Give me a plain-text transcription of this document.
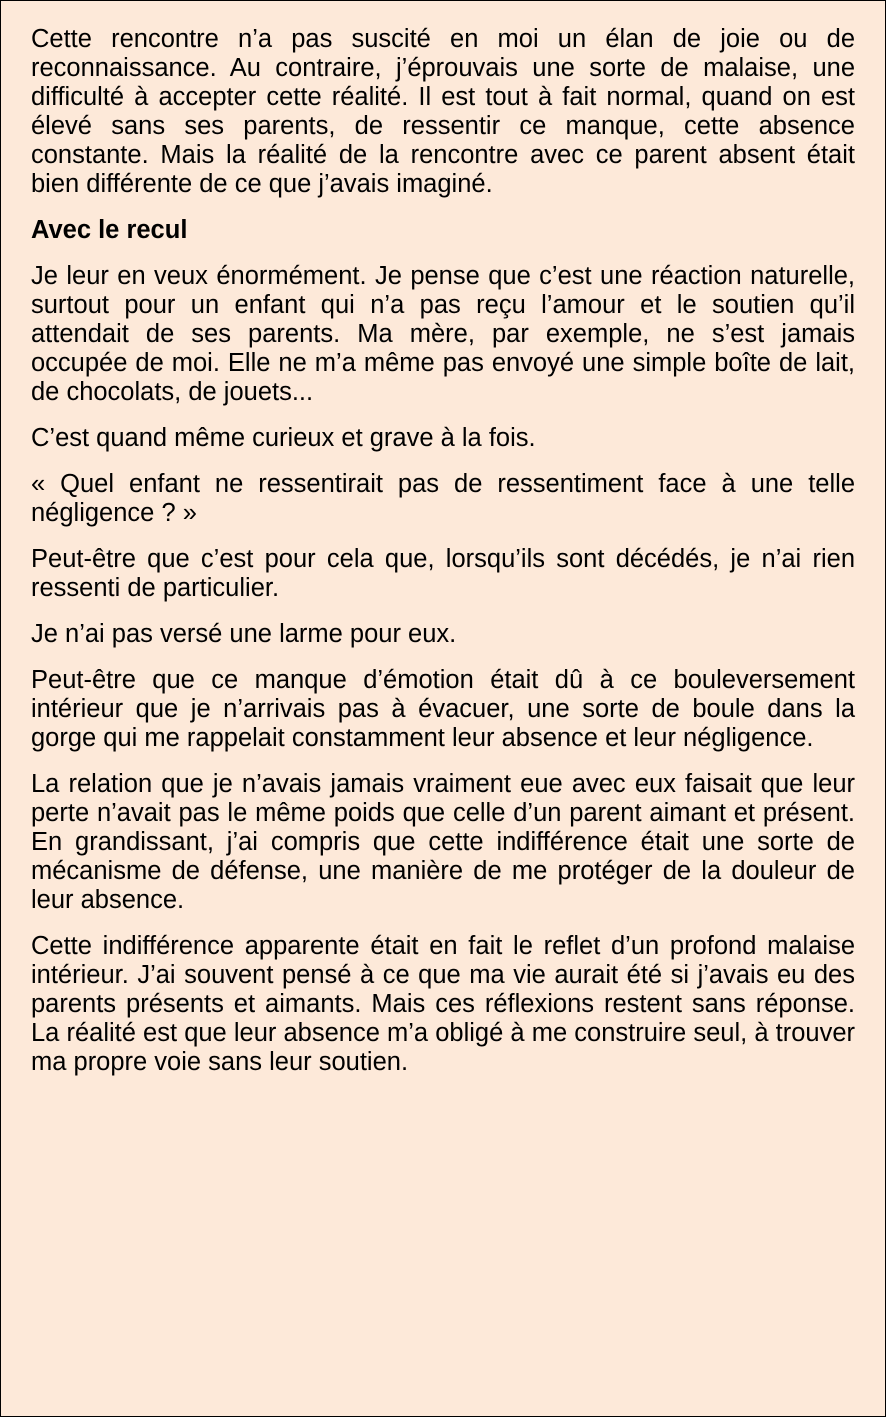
Cette rencontre n’a pas suscité en moi un élan de joie ou de reconnaissance. Au contraire, j’éprouvais une sorte de malaise, une difficulté à accepter cette réalité. Il est tout à fait normal, quand on est élevé sans ses parents, de ressentir ce manque, cette absence constante. Mais la réalité de la rencontre avec ce parent absent était bien différente de ce que j’avais imaginé.

Avec le recul

Je leur en veux énormément. Je pense que c’est une réaction naturelle, surtout pour un enfant qui n’a pas reçu l’amour et le soutien qu’il attendait de ses parents. Ma mère, par exemple, ne s’est jamais occupée de moi. Elle ne m’a même pas envoyé une simple boîte de lait, de chocolats, de jouets...

C’est quand même curieux et grave à la fois.

« Quel enfant ne ressentirait pas de ressentiment face à une telle négligence ? »

Peut-être que c’est pour cela que, lorsqu’ils sont décédés, je n’ai rien ressenti de particulier.

Je n’ai pas versé une larme pour eux.

Peut-être que ce manque d’émotion était dû à ce bouleversement intérieur que je n’arrivais pas à évacuer, une sorte de boule dans la gorge qui me rappelait constamment leur absence et leur négligence.

La relation que je n’avais jamais vraiment eue avec eux faisait que leur perte n’avait pas le même poids que celle d’un parent aimant et présent. En grandissant, j’ai compris que cette indifférence était une sorte de mécanisme de défense, une manière de me protéger de la douleur de leur absence.

Cette indifférence apparente était en fait le reflet d’un profond malaise intérieur. J’ai souvent pensé à ce que ma vie aurait été si j’avais eu des parents présents et aimants. Mais ces réflexions restent sans réponse. La réalité est que leur absence m’a obligé à me construire seul, à trouver ma propre voie sans leur soutien.
